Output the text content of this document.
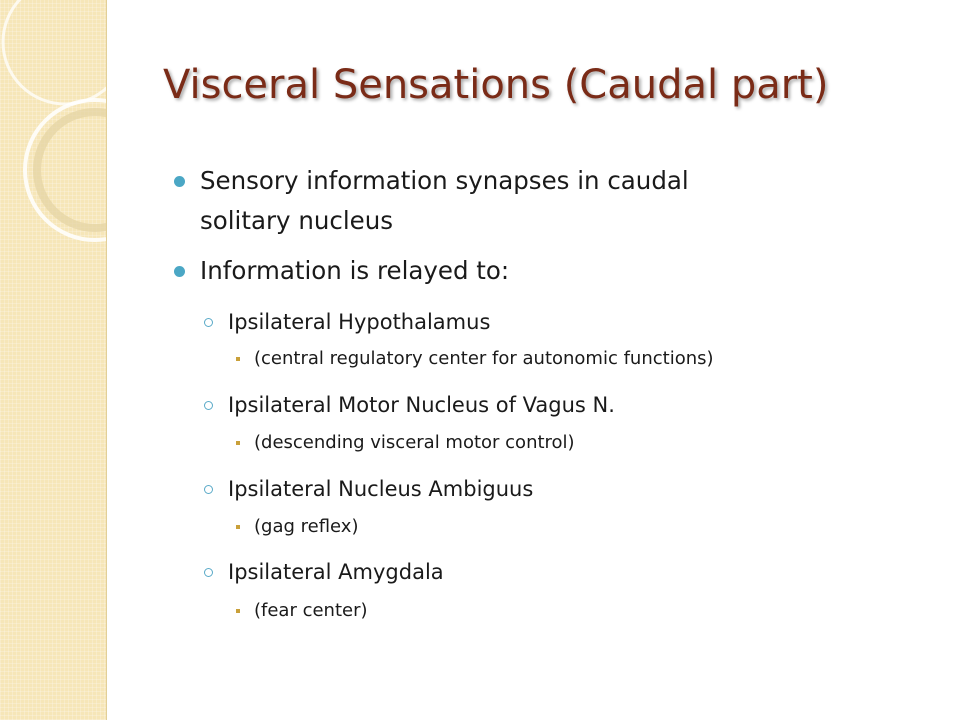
Visceral Sensations (Caudal part)
Sensory information synapses in caudal
solitary nucleus
Information is relayed to:
Ipsilateral Hypothalamus
(central regulatory center for autonomic functions)
Ipsilateral Motor Nucleus of Vagus N.
(descending visceral motor control)
Ipsilateral Nucleus Ambiguus
(gag reflex)
Ipsilateral Amygdala
(fear center)
